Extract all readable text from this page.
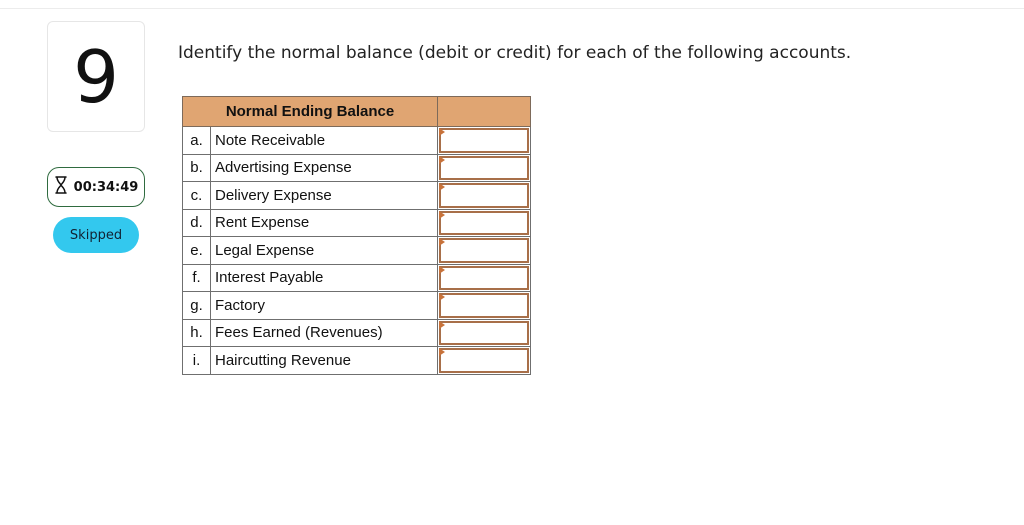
9
00:34:49
Skipped
Identify the normal balance (debit or credit) for each of the following accounts.
Normal Ending Balance		
a.	Note Receivable	

b.	Advertising Expense	

c.	Delivery Expense	

d.	Rent Expense	

e.	Legal Expense	

f.	Interest Payable	

g.	Factory	

h.	Fees Earned (Revenues)	

i.	Haircutting Revenue	
